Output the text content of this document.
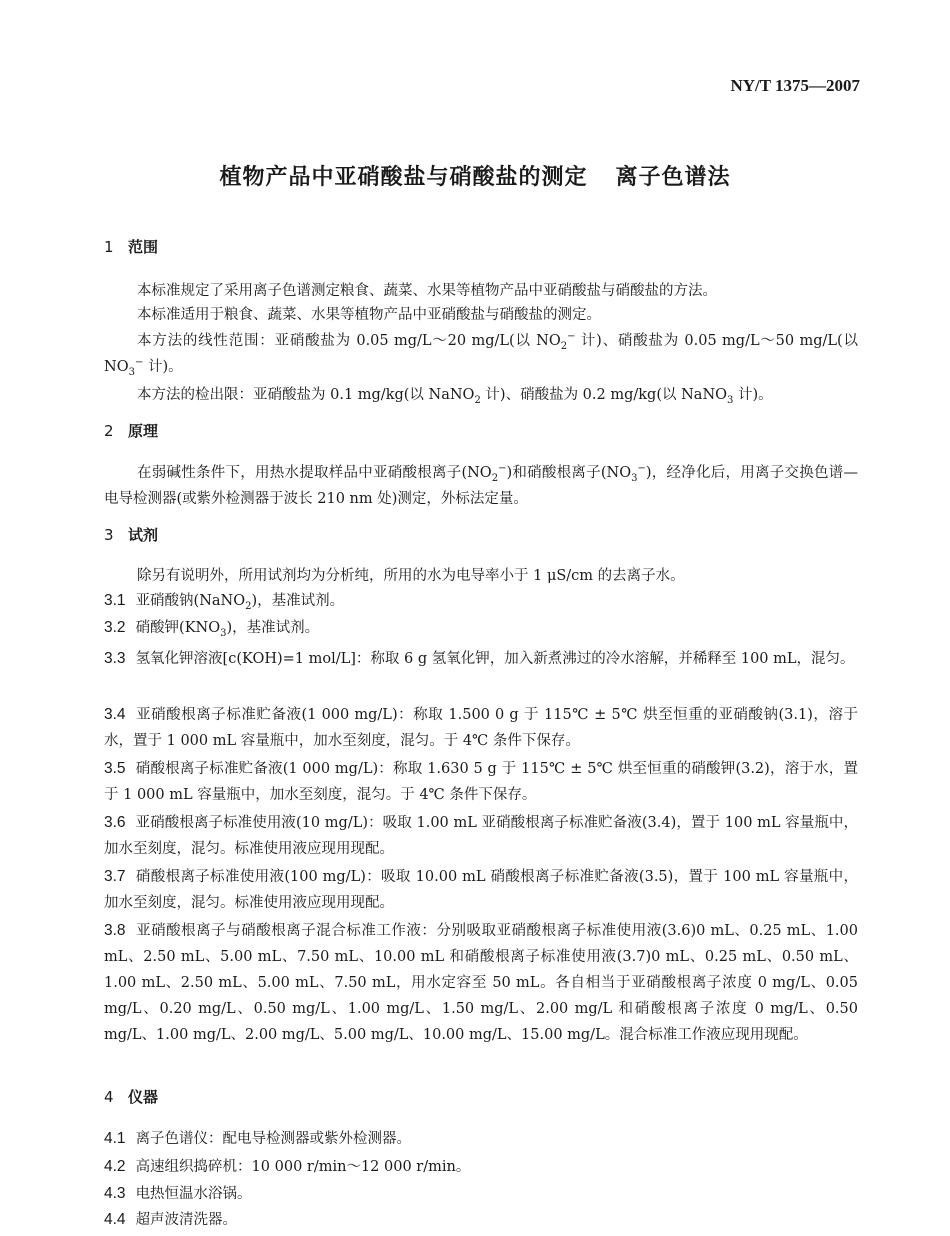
NY/T 1375—2007
植物产品中亚硝酸盐与硝酸盐的测定 离子色谱法
1 范围
本标准规定了采用离子色谱测定粮食、蔬菜、水果等植物产品中亚硝酸盐与硝酸盐的方法。
本标准适用于粮食、蔬菜、水果等植物产品中亚硝酸盐与硝酸盐的测定。
本方法的线性范围：亚硝酸盐为 0.05 mg/L～20 mg/L(以 $NO_2^-$ 计)、硝酸盐为 0.05 mg/L～50 mg/L(以 $NO_3^-$ 计)。
本方法的检出限：亚硝酸盐为 0.1 mg/kg(以 NaNO$_2$ 计)、硝酸盐为 0.2 mg/kg(以 NaNO$_3$ 计)。
2 原理
在弱碱性条件下，用热水提取样品中亚硝酸根离子$(NO_2^-)$和硝酸根离子$(NO_3^-)$，经净化后，用离子交换色谱—电导检测器(或紫外检测器于波长 210 nm 处)测定，外标法定量。
3 试剂
除另有说明外，所用试剂均为分析纯，所用的水为电导率小于 1 μS/cm 的去离子水。
3.1 亚硝酸钠(NaNO$_2$)，基准试剂。
3.2 硝酸钾$(KNO_3)$，基准试剂。
3.3 氢氧化钾溶液[c(KOH)=1 mol/L]：称取 6 g 氢氧化钾，加入新煮沸过的冷水溶解，并稀释至 100 mL，混匀。
3.4 亚硝酸根离子标准贮备液(1 000 mg/L)：称取 1.500 0 g 于 115℃ ± 5℃ 烘至恒重的亚硝酸钠(3.1)，溶于水，置于 1 000 mL 容量瓶中，加水至刻度，混匀。于 4℃ 条件下保存。
3.5 硝酸根离子标准贮备液(1 000 mg/L)：称取 1.630 5 g 于 115℃ ± 5℃ 烘至恒重的硝酸钾(3.2)，溶于水，置于 1 000 mL 容量瓶中，加水至刻度，混匀。于 4℃ 条件下保存。
3.6 亚硝酸根离子标准使用液(10 mg/L)：吸取 1.00 mL 亚硝酸根离子标准贮备液(3.4)，置于 100 mL 容量瓶中，加水至刻度，混匀。标准使用液应现用现配。
3.7 硝酸根离子标准使用液(100 mg/L)：吸取 10.00 mL 硝酸根离子标准贮备液(3.5)，置于 100 mL 容量瓶中，加水至刻度，混匀。标准使用液应现用现配。
3.8 亚硝酸根离子与硝酸根离子混合标准工作液：分别吸取亚硝酸根离子标准使用液(3.6)0 mL、0.25 mL、1.00 mL、2.50 mL、5.00 mL、7.50 mL、10.00 mL 和硝酸根离子标准使用液(3.7)0 mL、0.25 mL、0.50 mL、1.00 mL、2.50 mL、5.00 mL、7.50 mL，用水定容至 50 mL。各自相当于亚硝酸根离子浓度 0 mg/L、0.05 mg/L、0.20 mg/L、0.50 mg/L、1.00 mg/L、1.50 mg/L、2.00 mg/L 和硝酸根离子浓度 0 mg/L、0.50 mg/L、1.00 mg/L、2.00 mg/L、5.00 mg/L、10.00 mg/L、15.00 mg/L。混合标准工作液应现用现配。
4 仪器
4.1 离子色谱仪：配电导检测器或紫外检测器。
4.2 高速组织捣碎机：10 000 r/min～12 000 r/min。
4.3 电热恒温水浴锅。
4.4 超声波清洗器。
